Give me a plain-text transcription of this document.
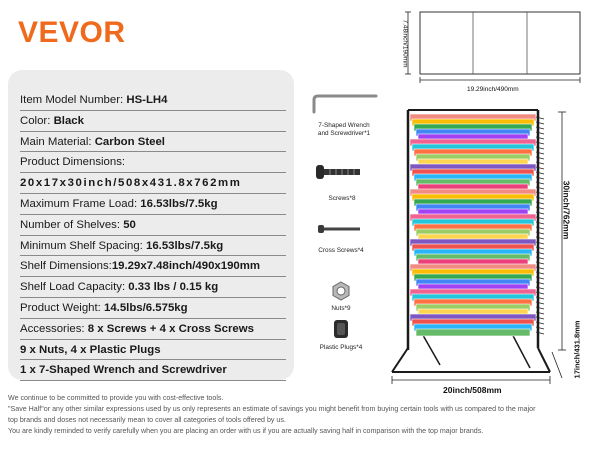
VEVOR
Item Model Number: HS-LH4
Color: Black
Main Material: Carbon Steel
Product Dimensions:
20x17x30inch/508x431.8x762mm
Maximum Frame Load: 16.53lbs/7.5kg
Number of Shelves: 50
Minimum Shelf Spacing: 16.53lbs/7.5kg
Shelf Dimensions:19.29x7.48inch/490x190mm
Shelf Load Capacity: 0.33 lbs / 0.15 kg
Product Weight: 14.5lbs/6.575kg
Accessories: 8 x Screws + 4 x Cross Screws
9 x Nuts, 4 x Plastic Plugs
1 x 7-Shaped Wrench and Screwdriver
7.48inch/190mm
19.29inch/490mm
7-Shaped Wrench and Screwdriver*1
Screws*8
Cross Screws*4
Nuts*9
Plastic Plugs*4
30inch/762mm
20inch/508mm
17inch/431.8mm
We continue to be committed to provide you with cost-effective tools.
"Save Half"or any other similar expressions used by us only represents an estimate of savings you might benefit from buying certain tools with us compared to the major
top brands and doses not necessarily mean to cover all categories of tools offered by us.
You are kindly reminded to verify carefully when you are placing an order with us if you are actually saving half in comparison with the top major brands.
